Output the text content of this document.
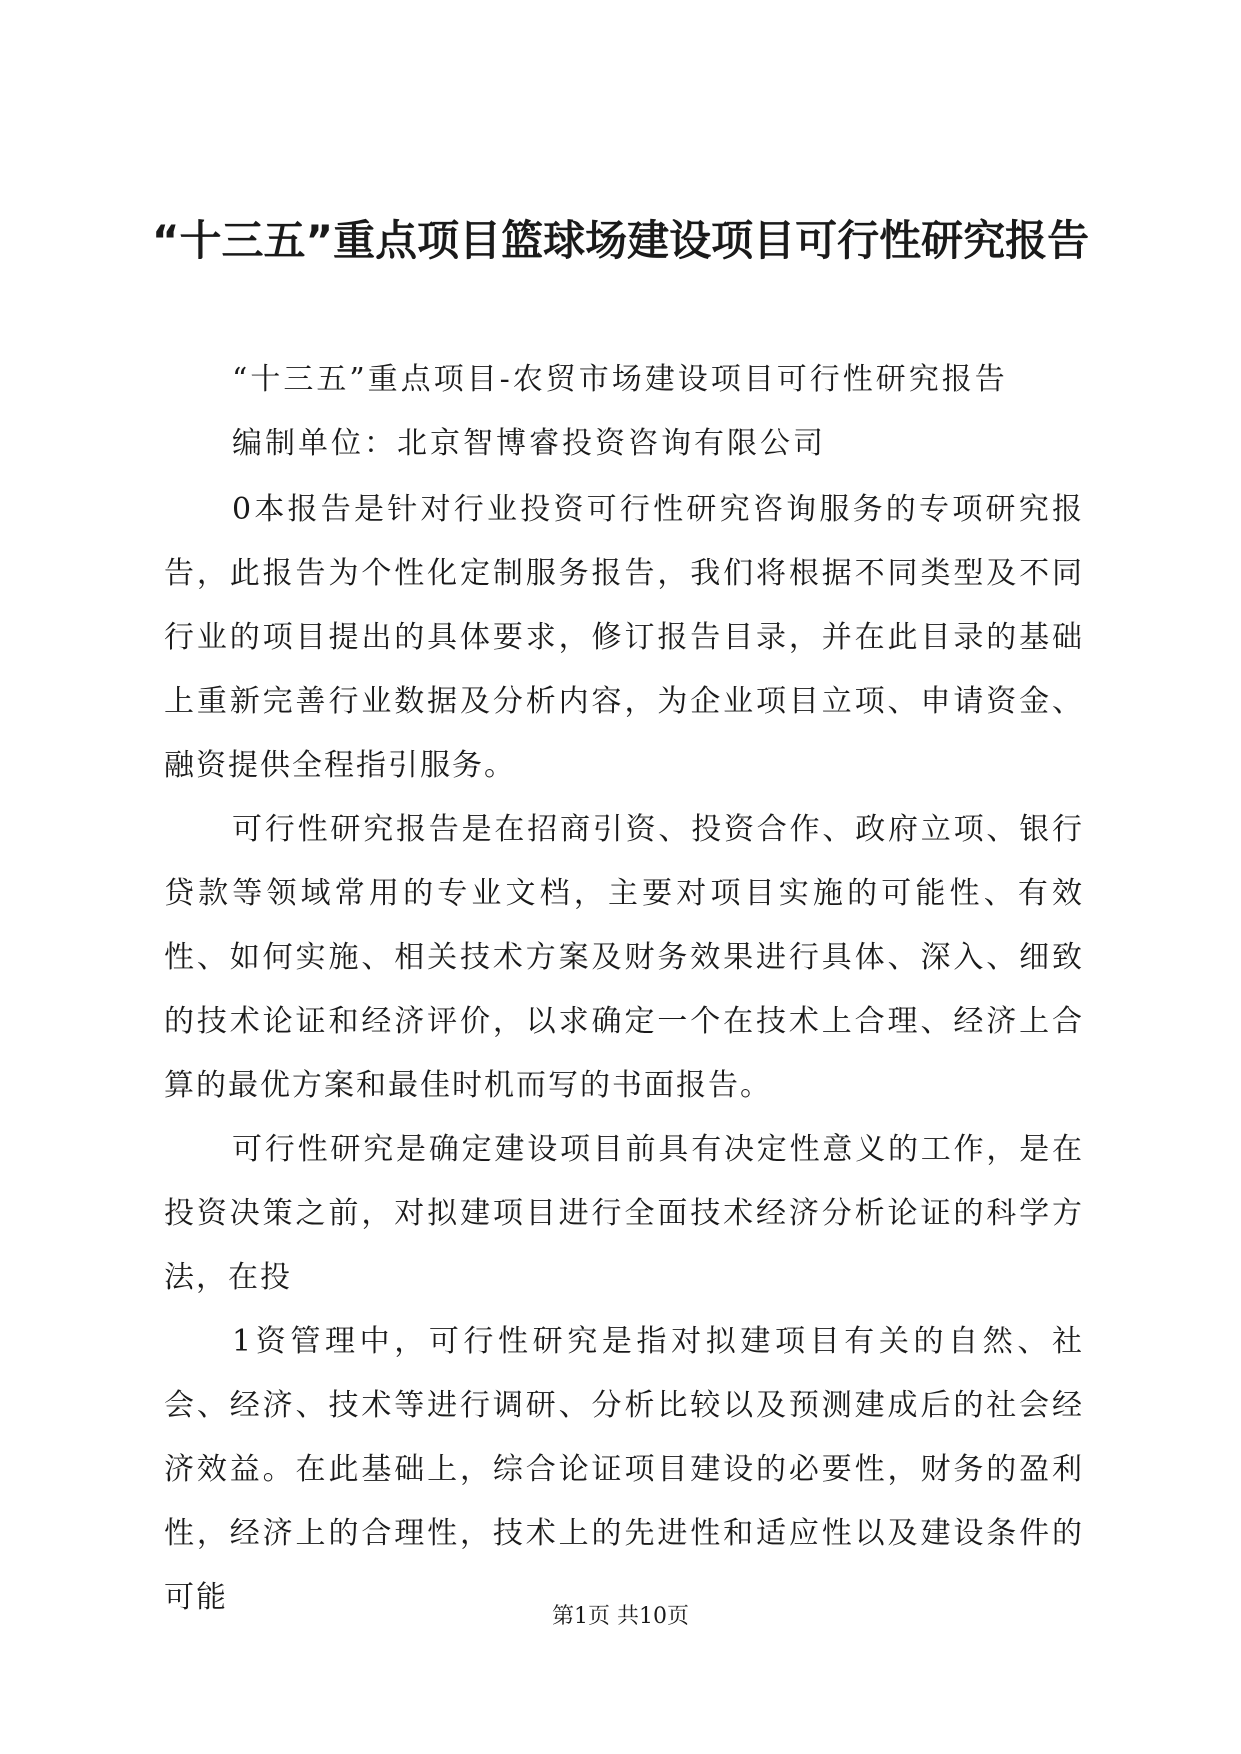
“十三五”重点项目篮球场建设项目可行性研究报告
“十三五”重点项目-农贸市场建设项目可行性研究报告
编制单位：北京智博睿投资咨询有限公司

0本报告是针对行业投资可行性研究咨询服务的专项研究报告，此报告为个性化定制服务报告，我们将根据不同类型及不同行业的项目提出的具体要求，修订报告目录，并在此目录的基础上重新完善行业数据及分析内容，为企业项目立项、申请资金、融资提供全程指引服务。

可行性研究报告是在招商引资、投资合作、政府立项、银行贷款等领域常用的专业文档，主要对项目实施的可能性、有效性、如何实施、相关技术方案及财务效果进行具体、深入、细致的技术论证和经济评价，以求确定一个在技术上合理、经济上合算的最优方案和最佳时机而写的书面报告。

可行性研究是确定建设项目前具有决定性意义的工作，是在投资决策之前，对拟建项目进行全面技术经济分析论证的科学方法，在投

1资管理中，可行性研究是指对拟建项目有关的自然、社会、经济、技术等进行调研、分析比较以及预测建成后的社会经济效益。在此基础上，综合论证项目建设的必要性，财务的盈利性，经济上的合理性，技术上的先进性和适应性以及建设条件的可能

第1页 共10页
